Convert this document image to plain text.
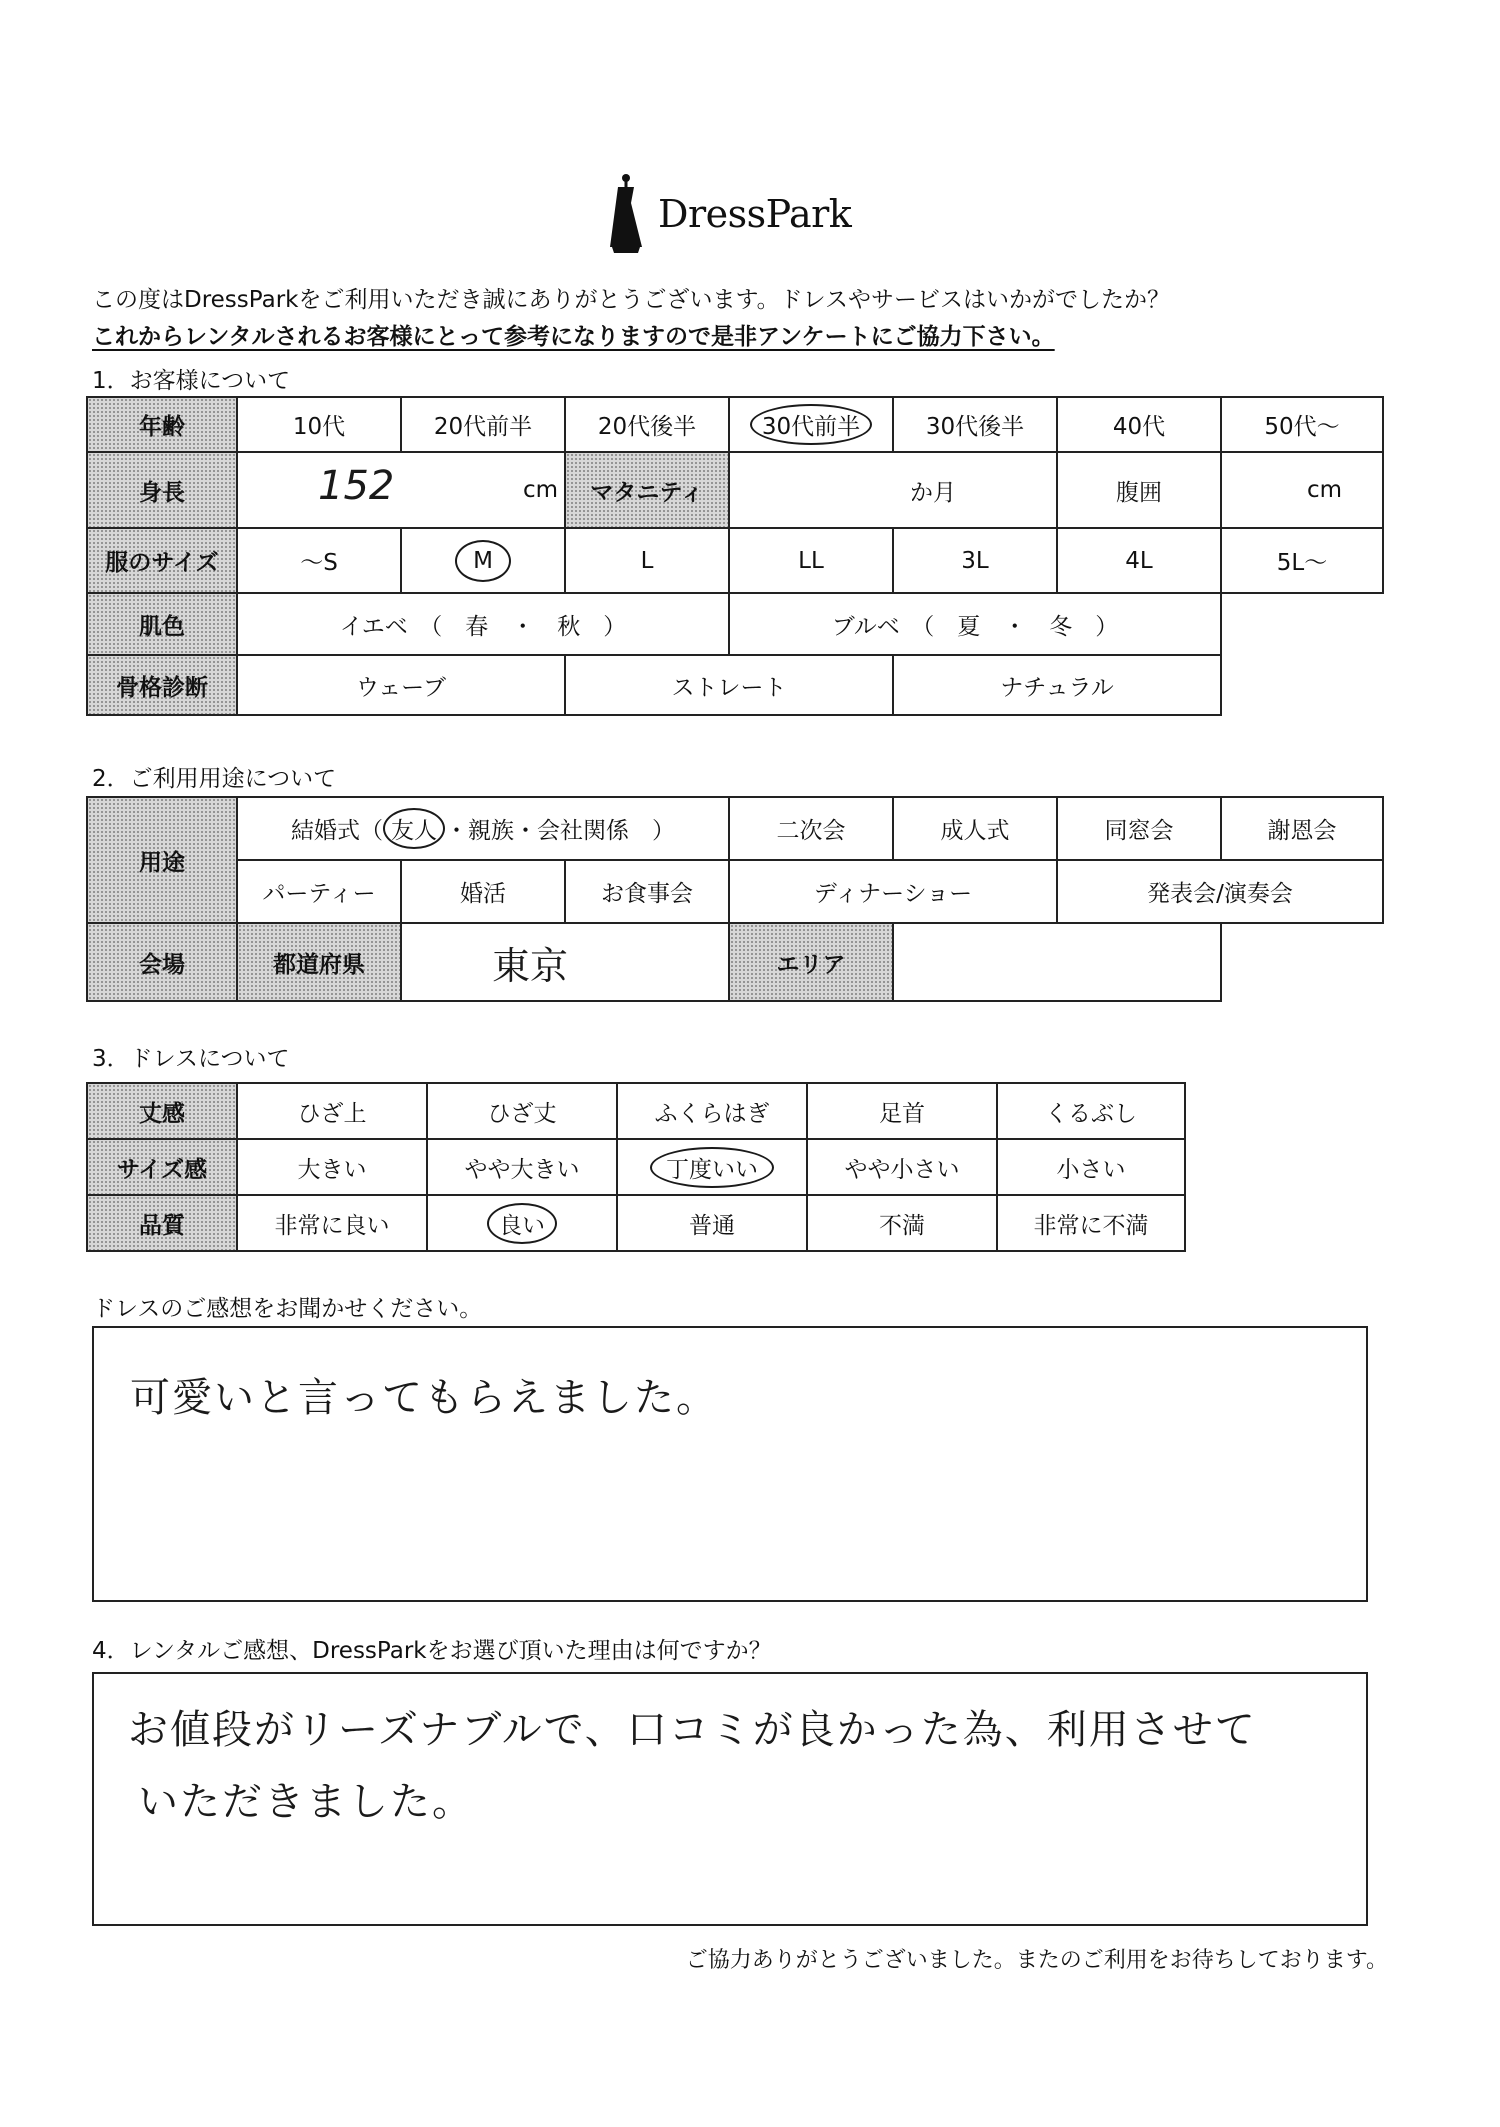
DressPark
この度はDressParkをご利用いただき誠にありがとうございます。ドレスやサービスはいかがでしたか？
これからレンタルされるお客様にとって参考になりますので是非アンケートにご協力下さい。
1．お客様について
年齢	10代	20代前半	20代後半	30代前半	30代後半	40代	50代～
身長	152 cm		マタニティ	か月		腹囲	cm
服のサイズ	～S	M	L	LL	3L	4L	5L～
肌色	イエベ　（　春　・　秋　）			ブルベ　（　夏　・　冬　）			
骨格診断	ウェーブ		ストレート		ナチュラル		
2．ご利用用途について
用途	結婚式（ 友人 ・親族・会社関係　）			二次会	成人式	同窓会	謝恩会
	パーティー	婚活	お食事会	ディナーショー		発表会/演奏会	
会場	都道府県	東京		エリア			
3．ドレスについて
丈感	ひざ上	ひざ丈	ふくらはぎ	足首	くるぶし
サイズ感	大きい	やや大きい	丁度いい	やや小さい	小さい
品質	非常に良い	良い	普通	不満	非常に不満
ドレスのご感想をお聞かせください。
可愛いと言ってもらえました。
4．レンタルご感想、DressParkをお選び頂いた理由は何ですか？
お値段がリーズナブルで、口コミが良かった為、利用させて
いただきました。
ご協力ありがとうございました。またのご利用をお待ちしております。
